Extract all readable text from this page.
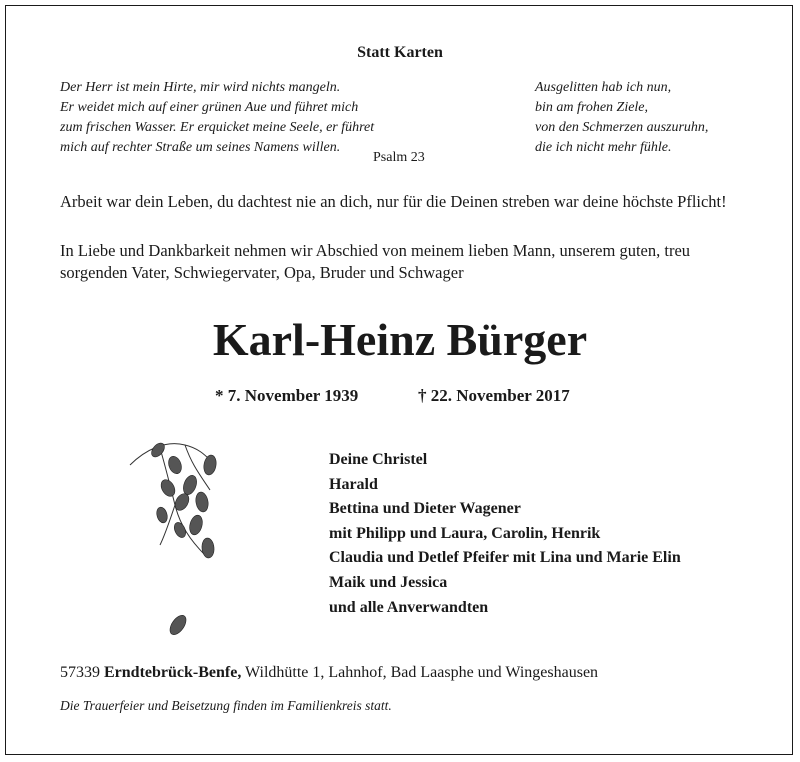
Statt Karten
Der Herr ist mein Hirte, mir wird nichts mangeln.
Er weidet mich auf einer grünen Aue und führet mich
zum frischen Wasser. Er erquicket meine Seele, er führet
mich auf rechter Straße um seines Namens willen.
Psalm 23
Ausgelitten hab ich nun,
bin am frohen Ziele,
von den Schmerzen auszuruhn,
die ich nicht mehr fühle.
Arbeit war dein Leben, du dachtest nie an dich, nur für die Deinen streben war deine höchste Pflicht!
In Liebe und Dankbarkeit nehmen wir Abschied von meinem lieben Mann, unserem guten, treu sorgenden Vater, Schwiegervater, Opa, Bruder und Schwager
Karl-Heinz Bürger
* 7. November 1939	† 22. November 2017
Deine Christel
Harald
Bettina und Dieter Wagener
mit Philipp und Laura, Carolin, Henrik
Claudia und Detlef Pfeifer mit Lina und Marie Elin
Maik und Jessica
und alle Anverwandten
57339 Erndtebrück-Benfe, Wildhütte 1, Lahnhof, Bad Laasphe und Wingeshausen
Die Trauerfeier und Beisetzung finden im Familienkreis statt.
